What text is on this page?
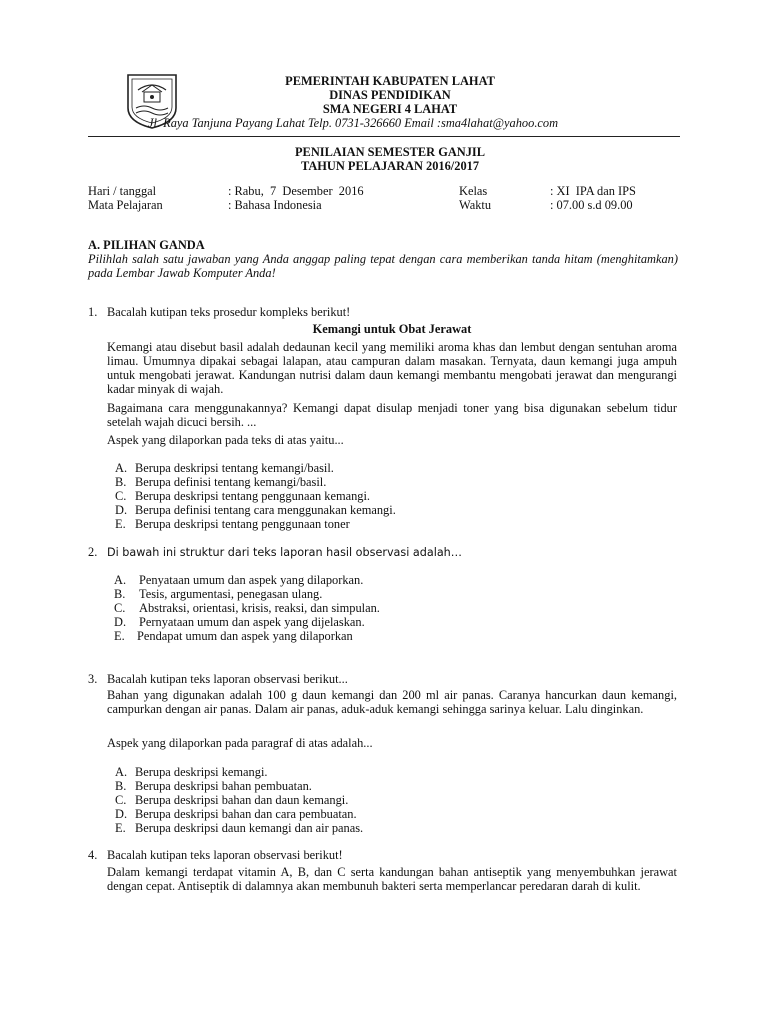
PEMERINTAH KABUPATEN LAHAT
DINAS PENDIDIKAN
SMA NEGERI 4 LAHAT
Jl. Raya Tanjuna Payang Lahat Telp. 0731-326660 Email :sma4lahat@yahoo.com
PENILAIAN SEMESTER GANJIL
TAHUN PELAJARAN 2016/2017
Hari / tanggal	: Rabu,  7  Desember  2016	Kelas	: XI  IPA dan IPS
Mata Pelajaran	: Bahasa Indonesia	Waktu	: 07.00 s.d 09.00
A. PILIHAN GANDA
Pilihlah salah satu jawaban yang Anda anggap paling tepat dengan cara memberikan tanda hitam (menghitamkan) pada Lembar Jawab Komputer Anda!
1. Bacalah kutipan teks prosedur kompleks berikut!
Kemangi untuk Obat Jerawat
Kemangi atau disebut basil adalah dedaunan kecil yang memiliki aroma khas dan lembut dengan sentuhan aroma limau. Umumnya dipakai sebagai lalapan, atau campuran dalam masakan. Ternyata, daun kemangi juga ampuh untuk mengobati jerawat. Kandungan nutrisi dalam daun kemangi membantu mengobati jerawat dan mengurangi kadar minyak di wajah.
Bagaimana cara menggunakannya? Kemangi dapat disulap menjadi toner yang bisa digunakan sebelum tidur setelah wajah dicuci bersih. ...
Aspek yang dilaporkan pada teks di atas yaitu...
A. Berupa deskripsi tentang kemangi/basil.
B. Berupa definisi tentang kemangi/basil.
C. Berupa deskripsi tentang penggunaan kemangi.
D. Berupa definisi tentang cara menggunakan kemangi.
E. Berupa deskripsi tentang penggunaan toner
2. Di bawah ini struktur dari teks laporan hasil observasi adalah…
A. Penyataan umum dan aspek yang dilaporkan.
B. Tesis, argumentasi, penegasan ulang.
C. Abstraksi, orientasi, krisis, reaksi, dan simpulan.
D. Pernyataan umum dan aspek yang dijelaskan.
E. Pendapat umum dan aspek yang dilaporkan
3. Bacalah kutipan teks laporan observasi berikut...
Bahan yang digunakan adalah 100 g daun kemangi dan 200 ml air panas. Caranya hancurkan daun kemangi, campurkan dengan air panas. Dalam air panas, aduk-aduk kemangi sehingga sarinya keluar. Lalu dinginkan.
Aspek yang dilaporkan pada paragraf di atas adalah...
A. Berupa deskripsi kemangi.
B. Berupa deskripsi bahan pembuatan.
C. Berupa deskripsi bahan dan daun kemangi.
D. Berupa deskripsi bahan dan cara pembuatan.
E. Berupa deskripsi daun kemangi dan air panas.
4. Bacalah kutipan teks laporan observasi berikut!
Dalam kemangi terdapat vitamin A, B, dan C serta kandungan bahan antiseptik yang menyembuhkan jerawat dengan cepat. Antiseptik di dalamnya akan membunuh bakteri serta memperlancar peredaran darah di kulit.
